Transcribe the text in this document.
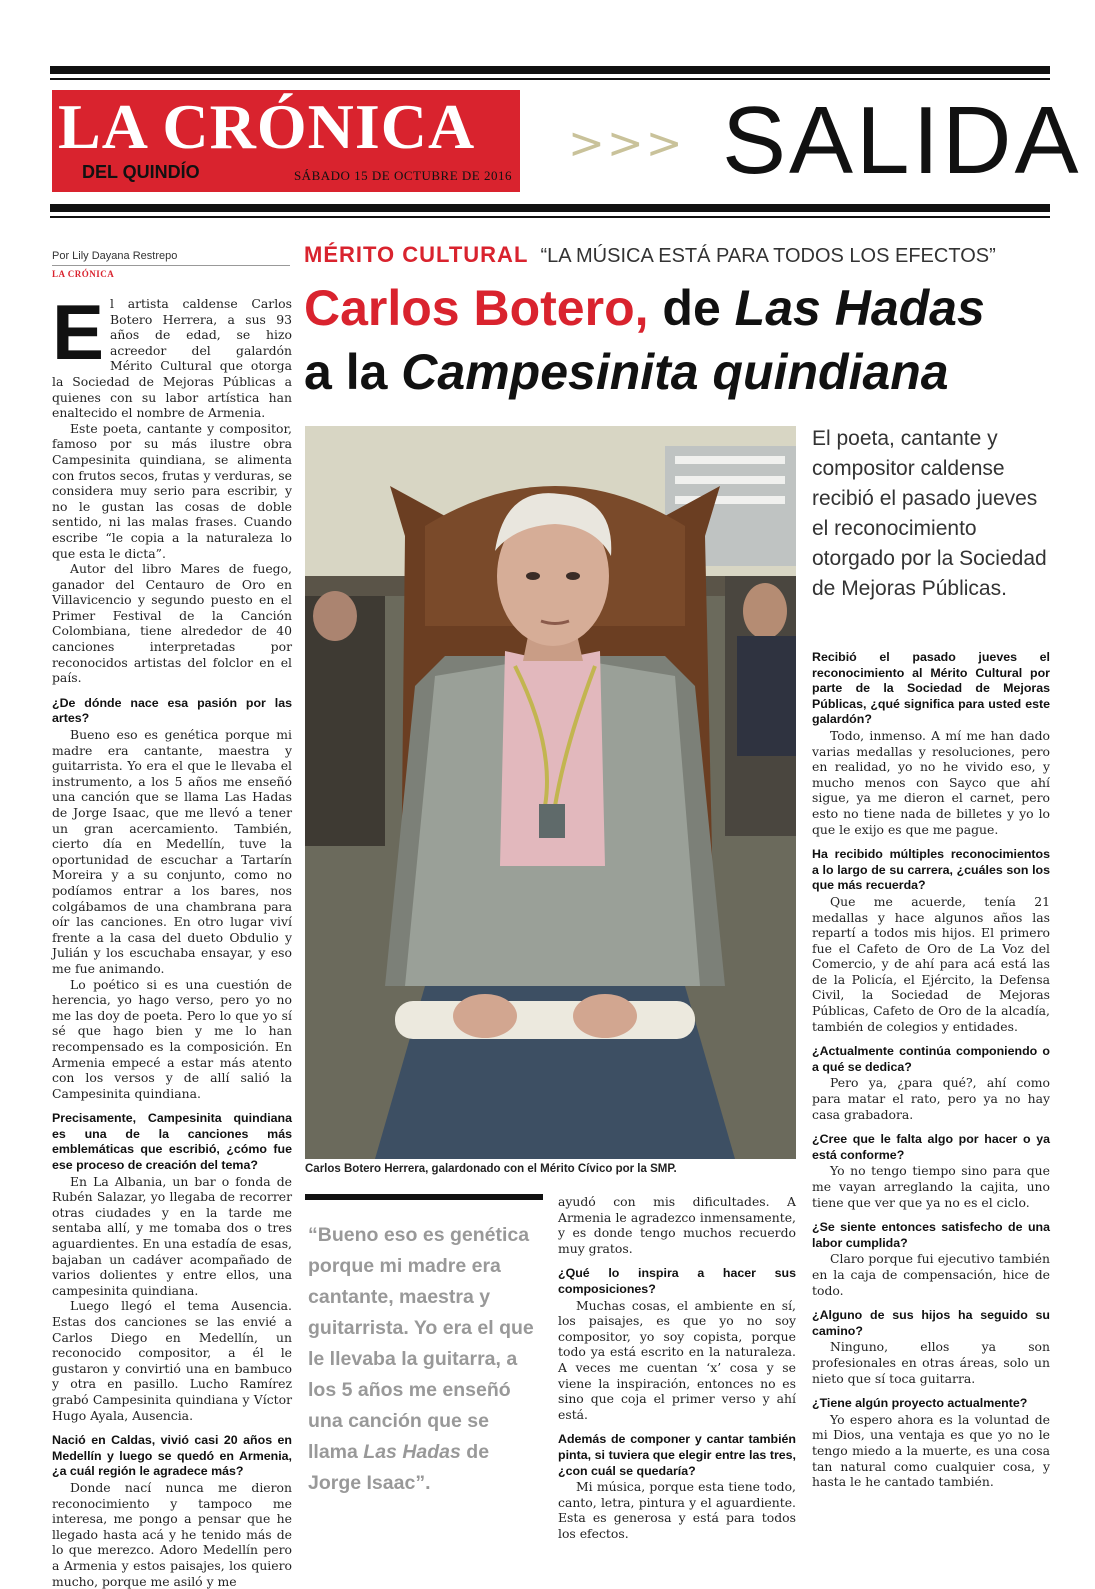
LA CRÓNICA
DEL QUINDÍO	SÁBADO 15 DE OCTUBRE DE 2016
>>> SALIDA
Por Lily Dayana Restrepo
LA CRÓNICA
MÉRITO CULTURAL “LA MÚSICA ESTÁ PARA TODOS LOS EFECTOS”
Carlos Botero, de Las Hadas
a la Campesinita quindiana
E l artista caldense Carlos Botero Herrera, a sus 93 años de edad, se hizo acreedor del galardón Mérito Cultural que otorga la Sociedad de Mejoras Públicas a quienes con su labor artística han enaltecido el nombre de Armenia.

Este poeta, cantante y compositor, famoso por su más ilustre obra Campesinita quindiana, se alimenta con frutos secos, frutas y verduras, se considera muy serio para escribir, y no le gustan las cosas de doble sentido, ni las malas frases. Cuando escribe “le copia a la naturaleza lo que esta le dicta”.

Autor del libro Mares de fuego, ganador del Centauro de Oro en Villavicencio y segundo puesto en el Primer Festival de la Canción Colombiana, tiene alrededor de 40 canciones interpretadas por reconocidos artistas del folclor en el país.

¿De dónde nace esa pasión por las artes?

Bueno eso es genética porque mi madre era cantante, maestra y guitarrista. Yo era el que le llevaba el instrumento, a los 5 años me enseñó una canción que se llama Las Hadas de Jorge Isaac, que me llevó a tener un gran acercamiento. También, cierto día en Medellín, tuve la oportunidad de escuchar a Tartarín Moreira y a su conjunto, como no podíamos entrar a los bares, nos colgábamos de una chambrana para oír las canciones. En otro lugar viví frente a la casa del dueto Obdulio y Julián y los escuchaba ensayar, y eso me fue animando.

Lo poético si es una cuestión de herencia, yo hago verso, pero yo no me las doy de poeta. Pero lo que yo sí sé que hago bien y me lo han recompensado es la composición. En Armenia empecé a estar más atento con los versos y de allí salió la Campesinita quindiana.

Precisamente, Campesinita quindiana es una de la canciones más emblemáticas que escribió, ¿cómo fue ese proceso de creación del tema?

En La Albania, un bar o fonda de Rubén Salazar, yo llegaba de recorrer otras ciudades y en la tarde me sentaba allí, y me tomaba dos o tres aguardientes. En una estadía de esas, bajaban un cadáver acompañado de varios dolientes y entre ellos, una campesinita quindiana.

Luego llegó el tema Ausencia. Estas dos canciones se las envié a Carlos Diego en Medellín, un reconocido compositor, a él le gustaron y convirtió una en bambuco y otra en pasillo. Lucho Ramírez grabó Campesinita quindiana y Víctor Hugo Ayala, Ausencia.

Nació en Caldas, vivió casi 20 años en Medellín y luego se quedó en Armenia, ¿a cuál región le agradece más?

Donde nací nunca me dieron reconocimiento y tampoco me interesa, me pongo a pensar que he llegado hasta acá y he tenido más de lo que merezco. Adoro Medellín pero a Armenia y estos paisajes, los quiero mucho, porque me asiló y me

Carlos Botero Herrera, galardonado con el Mérito Cívico por la SMP.
El poeta, cantante y compositor caldense recibió el pasado jueves el reconocimiento otorgado por la Sociedad de Mejoras Públicas.
“Bueno eso es genética porque mi madre era cantante, maestra y guitarrista. Yo era el que le llevaba la guitarra, a los 5 años me enseñó una canción que se llama Las Hadas de Jorge Isaac”.

ayudó con mis dificultades. A Armenia le agradezco inmensamente, y es donde tengo muchos recuerdo muy gratos.

¿Qué lo inspira a hacer sus composiciones?

Muchas cosas, el ambiente en sí, los paisajes, es que yo no soy compositor, yo soy copista, porque todo ya está escrito en la naturaleza. A veces me cuentan ‘x’ cosa y se viene la inspiración, entonces no es sino que coja el primer verso y ahí está.

Además de componer y cantar también pinta, si tuviera que elegir entre las tres, ¿con cuál se quedaría?

Mi música, porque esta tiene todo, canto, letra, pintura y el aguardiente. Esta es generosa y está para todos los efectos.

Recibió el pasado jueves el reconocimiento al Mérito Cultural por parte de la Sociedad de Mejoras Públicas, ¿qué significa para usted este galardón?

Todo, inmenso. A mí me han dado varias medallas y resoluciones, pero en realidad, yo no he vivido eso, y mucho menos con Sayco que ahí sigue, ya me dieron el carnet, pero esto no tiene nada de billetes y yo lo que le exijo es que me pague.

Ha recibido múltiples reconocimientos a lo largo de su carrera, ¿cuáles son los que más recuerda?

Que me acuerde, tenía 21 medallas y hace algunos años las repartí a todos mis hijos. El primero fue el Cafeto de Oro de La Voz del Comercio, y de ahí para acá está las de la Policía, el Ejército, la Defensa Civil, la Sociedad de Mejoras Públicas, Cafeto de Oro de la alcadía, también de colegios y entidades.

¿Actualmente continúa componiendo o a qué se dedica?

Pero ya, ¿para qué?, ahí como para matar el rato, pero ya no hay casa grabadora.

¿Cree que le falta algo por hacer o ya está conforme?

Yo no tengo tiempo sino para que me vayan arreglando la cajita, uno tiene que ver que ya no es el ciclo.

¿Se siente entonces satisfecho de una labor cumplida?

Claro porque fui ejecutivo también en la caja de compensación, hice de todo.

¿Alguno de sus hijos ha seguido su camino?

Ninguno, ellos ya son profesionales en otras áreas, solo un nieto que sí toca guitarra.

¿Tiene algún proyecto actualmente?

Yo espero ahora es la voluntad de mi Dios, una ventaja es que yo no le tengo miedo a la muerte, es una cosa tan natural como cualquier cosa, y hasta le he cantado también.
